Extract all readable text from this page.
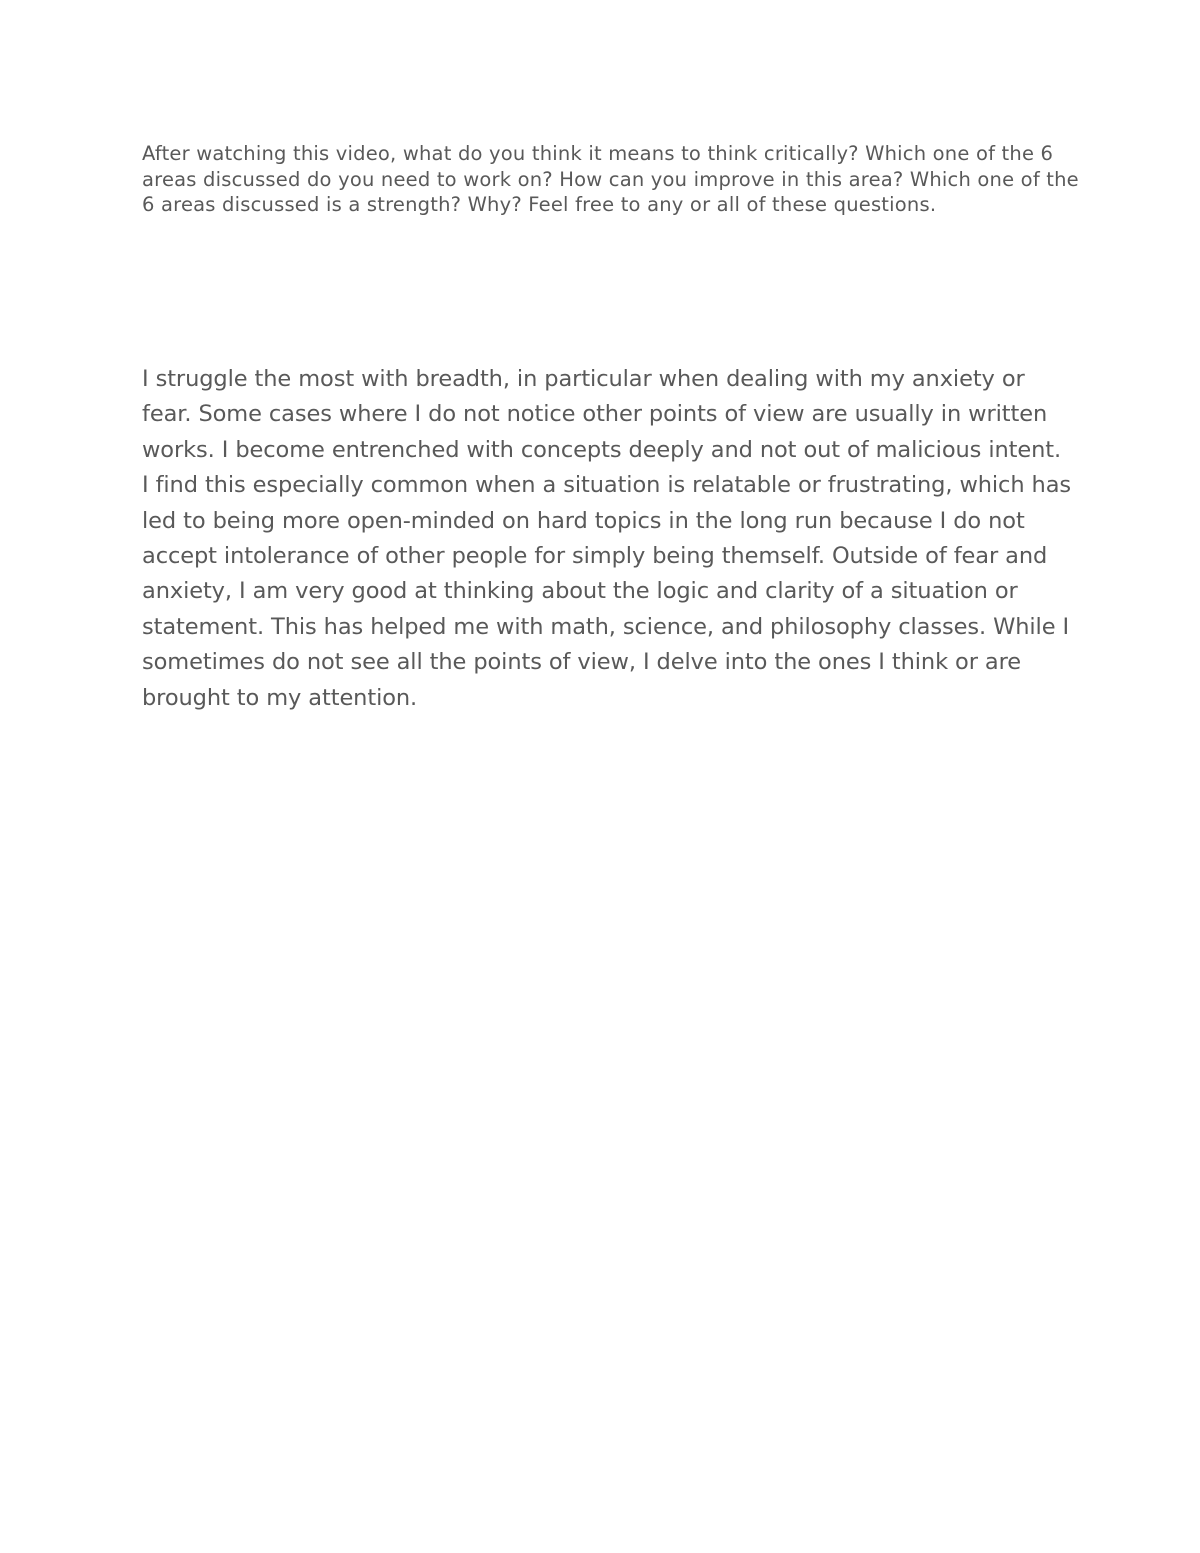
After watching this video, what do you think it means to think critically? Which one of the 6 areas discussed do you need to work on? How can you improve in this area? Which one of the 6 areas discussed is a strength? Why? Feel free to any or all of these questions.

I struggle the most with breadth, in particular when dealing with my anxiety or fear. Some cases where I do not notice other points of view are usually in written works. I become entrenched with concepts deeply and not out of malicious intent. I find this especially common when a situation is relatable or frustrating, which has led to being more open-minded on hard topics in the long run because I do not accept intolerance of other people for simply being themself. Outside of fear and anxiety, I am very good at thinking about the logic and clarity of a situation or statement. This has helped me with math, science, and philosophy classes. While I sometimes do not see all the points of view, I delve into the ones I think or are brought to my attention.
